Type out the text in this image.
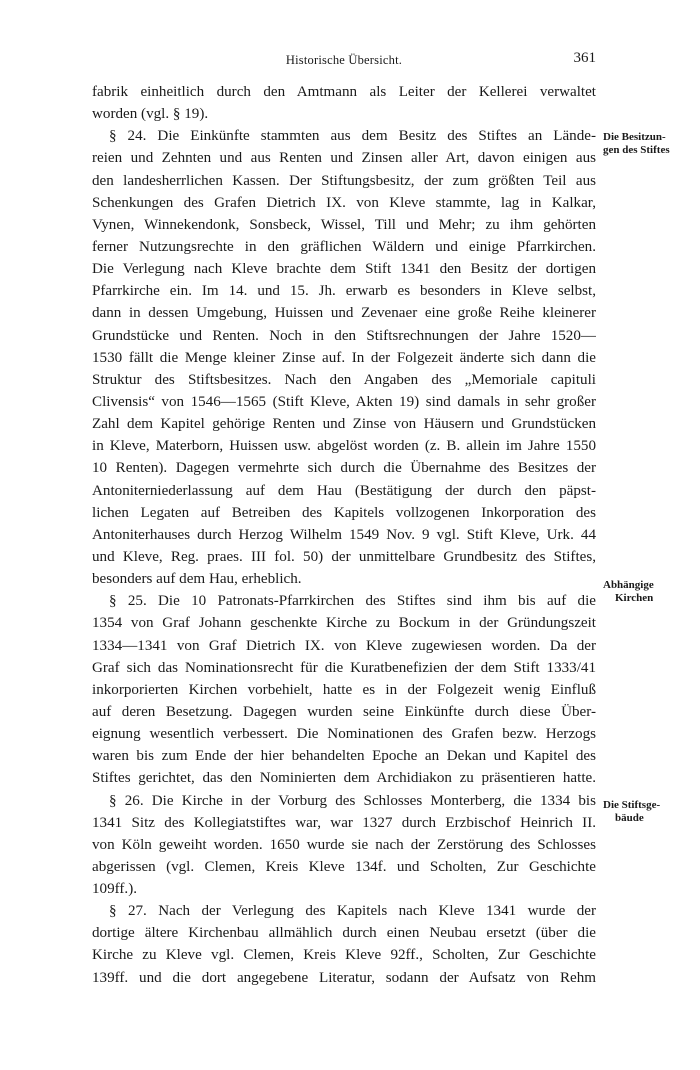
Historische Übersicht.	361
fabrik einheitlich durch den Amtmann als Leiter der Kellerei verwaltet
worden (vgl. § 19).
§ 24. Die Einkünfte stammten aus dem Besitz des Stiftes an Lände-
reien und Zehnten und aus Renten und Zinsen aller Art, davon einigen aus
den landesherrlichen Kassen. Der Stiftungsbesitz, der zum größten Teil aus
Schenkungen des Grafen Dietrich IX. von Kleve stammte, lag in Kalkar,
Vynen, Winnekendonk, Sonsbeck, Wissel, Till und Mehr; zu ihm gehörten
ferner Nutzungsrechte in den gräflichen Wäldern und einige Pfarrkirchen.
Die Verlegung nach Kleve brachte dem Stift 1341 den Besitz der dortigen
Pfarrkirche ein. Im 14. und 15. Jh. erwarb es besonders in Kleve selbst,
dann in dessen Umgebung, Huissen und Zevenaer eine große Reihe kleinerer
Grundstücke und Renten. Noch in den Stiftsrechnungen der Jahre 1520—
1530 fällt die Menge kleiner Zinse auf. In der Folgezeit änderte sich dann die
Struktur des Stiftsbesitzes. Nach den Angaben des „Memoriale capituli
Clivensis“ von 1546—1565 (Stift Kleve, Akten 19) sind damals in sehr großer
Zahl dem Kapitel gehörige Renten und Zinse von Häusern und Grundstücken
in Kleve, Materborn, Huissen usw. abgelöst worden (z. B. allein im Jahre 1550
10 Renten). Dagegen vermehrte sich durch die Übernahme des Besitzes der
Antoniterniederlassung auf dem Hau (Bestätigung der durch den päpst-
lichen Legaten auf Betreiben des Kapitels vollzogenen Inkorporation des
Antoniterhauses durch Herzog Wilhelm 1549 Nov. 9 vgl. Stift Kleve, Urk. 44
und Kleve, Reg. praes. III fol. 50) der unmittelbare Grundbesitz des Stiftes,
besonders auf dem Hau, erheblich.
§ 25. Die 10 Patronats-Pfarrkirchen des Stiftes sind ihm bis auf die
1354 von Graf Johann geschenkte Kirche zu Bockum in der Gründungszeit
1334—1341 von Graf Dietrich IX. von Kleve zugewiesen worden. Da der
Graf sich das Nominationsrecht für die Kuratbenefizien der dem Stift 1333/41
inkorporierten Kirchen vorbehielt, hatte es in der Folgezeit wenig Einfluß
auf deren Besetzung. Dagegen wurden seine Einkünfte durch diese Über-
eignung wesentlich verbessert. Die Nominationen des Grafen bezw. Herzogs
waren bis zum Ende der hier behandelten Epoche an Dekan und Kapitel des
Stiftes gerichtet, das den Nominierten dem Archidiakon zu präsentieren hatte.
§ 26. Die Kirche in der Vorburg des Schlosses Monterberg, die 1334 bis
1341 Sitz des Kollegiatstiftes war, war 1327 durch Erzbischof Heinrich II.
von Köln geweiht worden. 1650 wurde sie nach der Zerstörung des Schlosses
abgerissen (vgl. Clemen, Kreis Kleve 134f. und Scholten, Zur Geschichte
109ff.).
§ 27. Nach der Verlegung des Kapitels nach Kleve 1341 wurde der
dortige ältere Kirchenbau allmählich durch einen Neubau ersetzt (über die
Kirche zu Kleve vgl. Clemen, Kreis Kleve 92ff., Scholten, Zur Geschichte
139ff. und die dort angegebene Literatur, sodann der Aufsatz von Rehm
Die Besitzun-
gen des Stiftes
Abhängige
Kirchen
Die Stiftsge-
bäude
